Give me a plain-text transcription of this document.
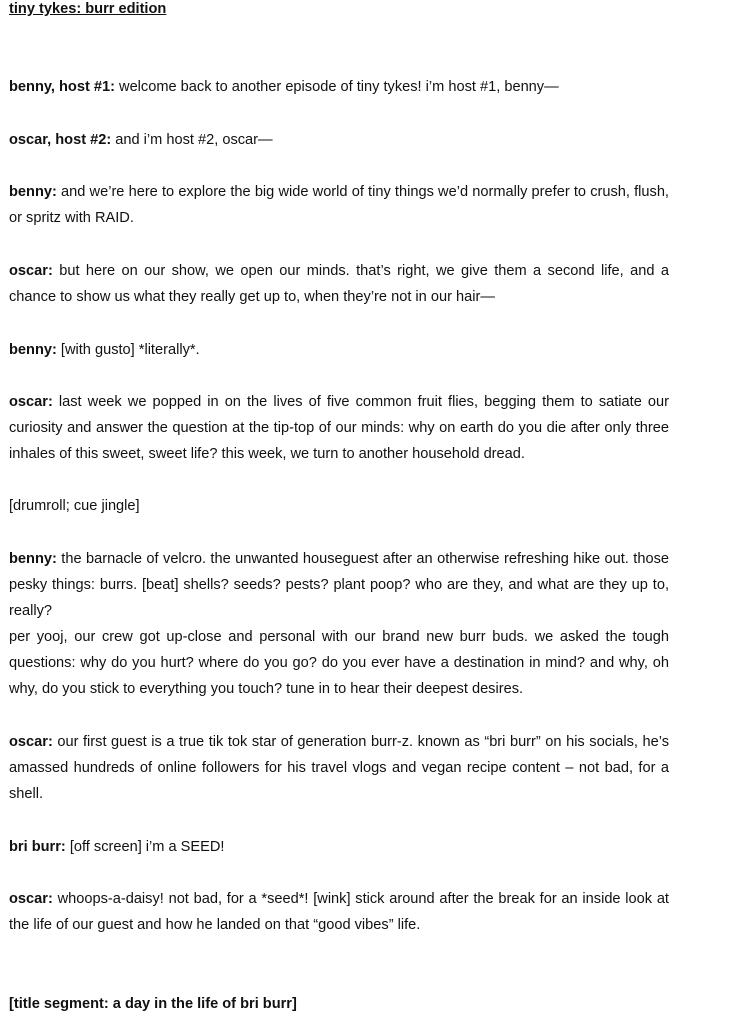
tiny tykes: burr edition

benny, host #1: welcome back to another episode of tiny tykes! i’m host #1, benny—

oscar, host #2: and i’m host #2, oscar—

benny: and we’re here to explore the big wide world of tiny things we’d normally prefer to crush, flush, or spritz with RAID.

oscar: but here on our show, we open our minds. that’s right, we give them a second life, and a chance to show us what they really get up to, when they’re not in our hair—

benny: [with gusto] *literally*.

oscar: last week we popped in on the lives of five common fruit flies, begging them to satiate our curiosity and answer the question at the tip-top of our minds: why on earth do you die after only three inhales of this sweet, sweet life? this week, we turn to another household dread.

[drumroll; cue jingle]

benny: the barnacle of velcro. the unwanted houseguest after an otherwise refreshing hike out. those pesky things: burrs. [beat] shells? seeds? pests? plant poop? who are they, and what are they up to, really?

per yooj, our crew got up-close and personal with our brand new burr buds. we asked the tough questions: why do you hurt? where do you go? do you ever have a destination in mind? and why, oh why, do you stick to everything you touch? tune in to hear their deepest desires.

oscar: our first guest is a true tik tok star of generation burr-z. known as “bri burr” on his socials, he’s amassed hundreds of online followers for his travel vlogs and vegan recipe content – not bad, for a shell.

bri burr: [off screen] i’m a SEED!

oscar: whoops-a-daisy! not bad, for a *seed*! [wink] stick around after the break for an inside look at the life of our guest and how he landed on that “good vibes” life.

[title segment: a day in the life of bri burr]
